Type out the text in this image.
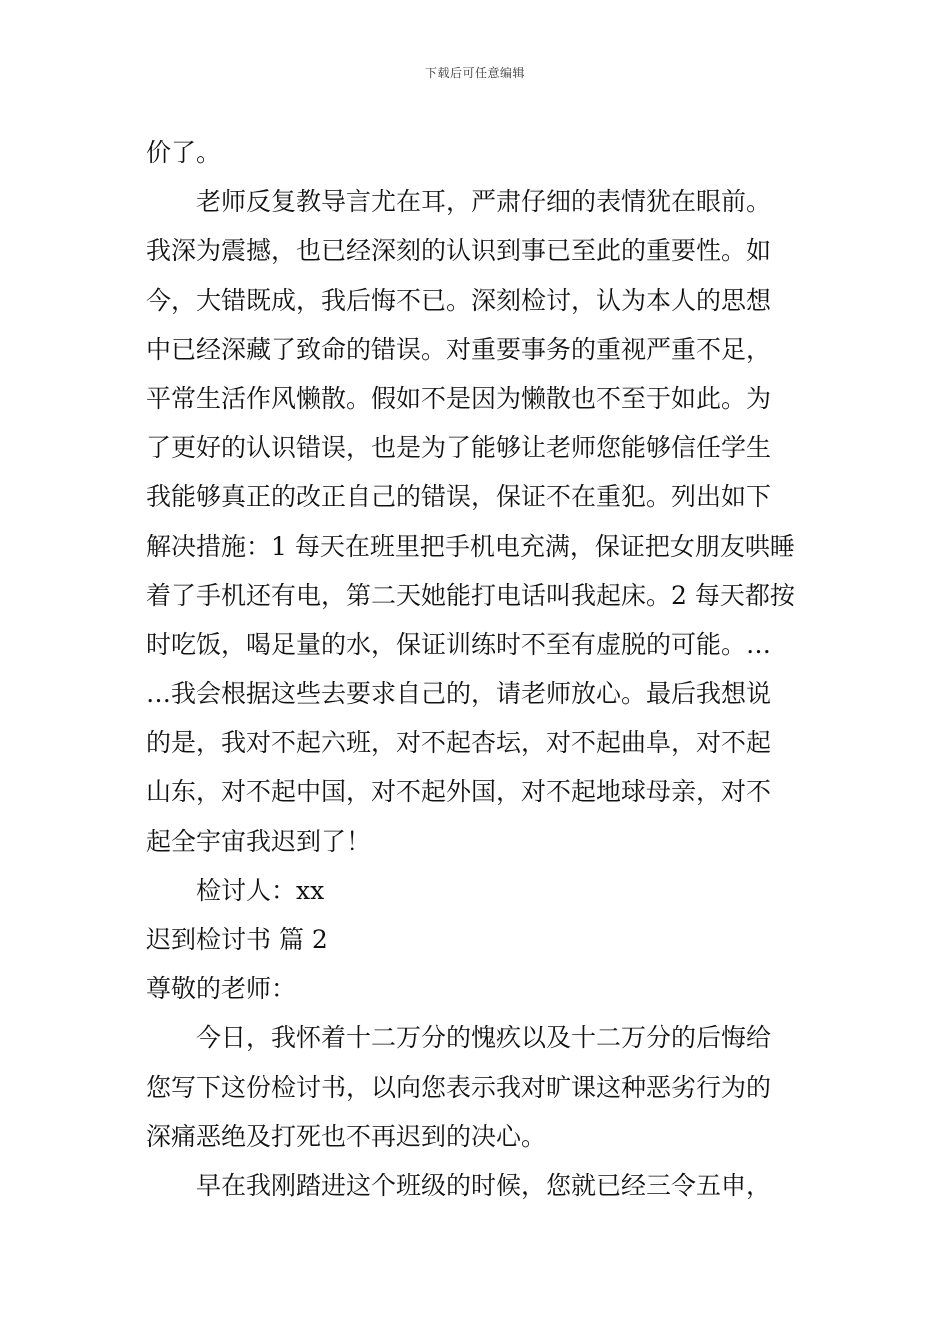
下载后可任意编辑
价了。
老师反复教导言尤在耳，严肃仔细的表情犹在眼前。
我深为震撼，也已经深刻的认识到事已至此的重要性。如
今，大错既成，我后悔不已。深刻检讨，认为本人的思想
中已经深藏了致命的错误。对重要事务的重视严重不足，
平常生活作风懒散。假如不是因为懒散也不至于如此。为
了更好的认识错误，也是为了能够让老师您能够信任学生
我能够真正的改正自己的错误，保证不在重犯。列出如下
解决措施：1 每天在班里把手机电充满，保证把女朋友哄睡
着了手机还有电，第二天她能打电话叫我起床。2 每天都按
时吃饭，喝足量的水，保证训练时不至有虚脱的可能。…
…我会根据这些去要求自己的，请老师放心。最后我想说
的是，我对不起六班，对不起杏坛，对不起曲阜，对不起
山东，对不起中国，对不起外国，对不起地球母亲，对不
起全宇宙我迟到了！
检讨人：xx
迟到检讨书 篇 2
尊敬的老师：
今日，我怀着十二万分的愧疚以及十二万分的后悔给
您写下这份检讨书，以向您表示我对旷课这种恶劣行为的
深痛恶绝及打死也不再迟到的决心。
早在我刚踏进这个班级的时候，您就已经三令五申，
